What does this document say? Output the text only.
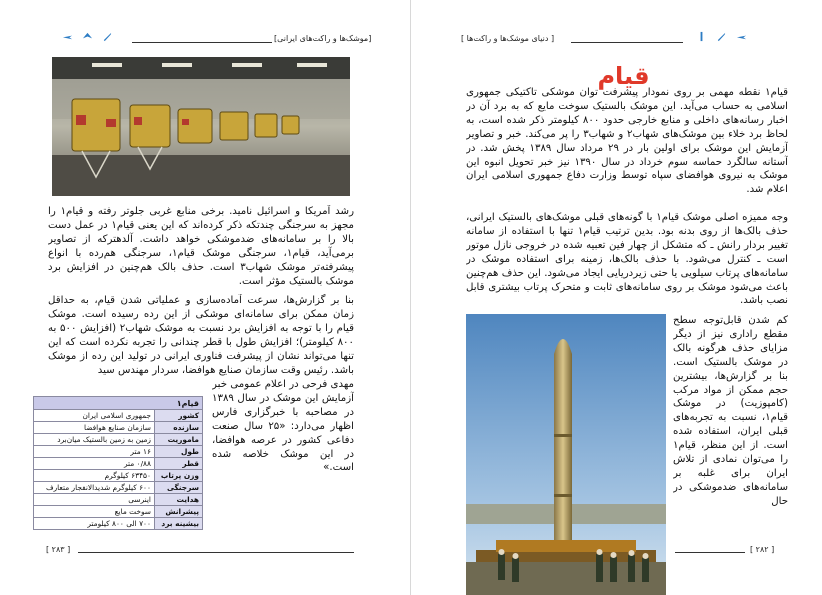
[موشک‌ها و راکت‌های ایرانی]
رشد آمریکا و اسرائیل نامید. برخی منابع غربی جلوتر رفته و قیام۱ را مجهز به سرجنگی چندتکه ذکر کرده‌اند که این یعنی قیام۱ در عمل دست بالا را بر سامانه‌های ضدموشکی خواهد داشت. آلدهترکه از تصاویر برمی‌آید، قیام۱، سرجنگی موشک قیام۱، سرجنگی هم‌رده با انواع پیشرفته‌تر موشک شهاب۳ است. حذف بالک هم‌چنین در افزایش برد موشک بالستیک مؤثر است.
بنا بر گزارش‌ها، سرعت آماده‌سازی و عملیاتی شدن قیام، به حداقل زمان ممکن برای سامانه‌ای موشکی از این رده رسیده است. موشک قیام را با توجه به افزایش برد نسبت به موشک شهاب۲ (افزایش ۵۰۰ به ۸۰۰ کیلومتر)؛ افزایش طول با قطر چندانی را تجربه نکرده است که این تنها می‌تواند نشان از پیشرفت فناوری ایرانی در تولید این رده از موشک باشد. رئیس وقت سازمان صنایع هوافضا، سردار مهندس سید
مهدی فرحی در اعلام عمومی خبر آزمایش این موشک در سال ۱۳۸۹ در مصاحبه با خبرگزاری فارس اظهار می‌دارد: «۲۵ سال صنعت دفاعی کشور در عرصه هوافضا، در این موشک خلاصه شده است.»
قیام۱	
کشور	جمهوری اسلامی ایران
سازنده	سازمان صنایع هوافضا
ماموریت	زمین به زمین بالستیک میان‌برد
طول	۱۶ متر
قطر	۰/۸۸ متر
وزن پرتاب	۶۳۴۵۰ کیلوگرم
سرجنگی	۶۰۰ کیلوگرم شدیدالانفجار متعارف
هدایت	اینرسی
پیشرانش	سوخت مایع
بیشینه برد	۷۰۰ الی ۸۰۰ کیلومتر
[ ۲۸۳ ]
[ دنیای موشک‌ها و راکت‌ها ]
قیام
قیام۱ نقطه مهمی بر روی نمودار پیشرفت توان موشکی تاکتیکی جمهوری اسلامی به حساب می‌آید. این موشک بالستیک سوخت مایع که به برد آن در اخبار رسانه‌های داخلی و منابع خارجی حدود ۸۰۰ کیلومتر ذکر شده است، به لحاظ برد خلاء بین موشک‌های شهاب۲ و شهاب۳ را پر می‌کند. خبر و تصاویر آزمایش این موشک برای اولین بار در ۲۹ مرداد سال ۱۳۸۹ پخش شد. در آستانه سالگرد حماسه سوم خرداد در سال ۱۳۹۰ نیز خبر تحویل انبوه این موشک به نیروی هوافضای سپاه توسط وزارت دفاع جمهوری اسلامی ایران اعلام شد.
وجه ممیزه اصلی موشک قیام۱ با گونه‌های قبلی موشک‌های بالستیک ایرانی، حذف بالک‌ها از روی بدنه بود. بدین ترتیب قیام۱ تنها با استفاده از سامانه تغییر بردار رانش ـ که متشکل از چهار فین تعبیه شده در خروجی نازل موتور است ـ کنترل می‌شود. با حذف بالک‌ها، زمینه برای استفاده موشک در سامانه‌های پرتاب سیلویی یا حتی زیردریایی ایجاد می‌شود. این حذف هم‌چنین باعث می‌شود موشک بر روی سامانه‌های ثابت و متحرک پرتاب بیشتری قابل نصب باشد.
کم شدن قابل‌توجه سطح مقطع راداری نیز از دیگر مزایای حذف هرگونه بالک در موشک بالستیک است. بنا بر گزارش‌ها، بیشترین حجم ممکن از مواد مرکب (کامپوزیت) در موشک قیام۱، نسبت به تجربه‌های قبلی ایران، استفاده شده است. از این منظر، قیام۱ را می‌توان نمادی از تلاش ایران برای غلبه بر سامانه‌های ضدموشکی در حال
[ ۲۸۲ ]
